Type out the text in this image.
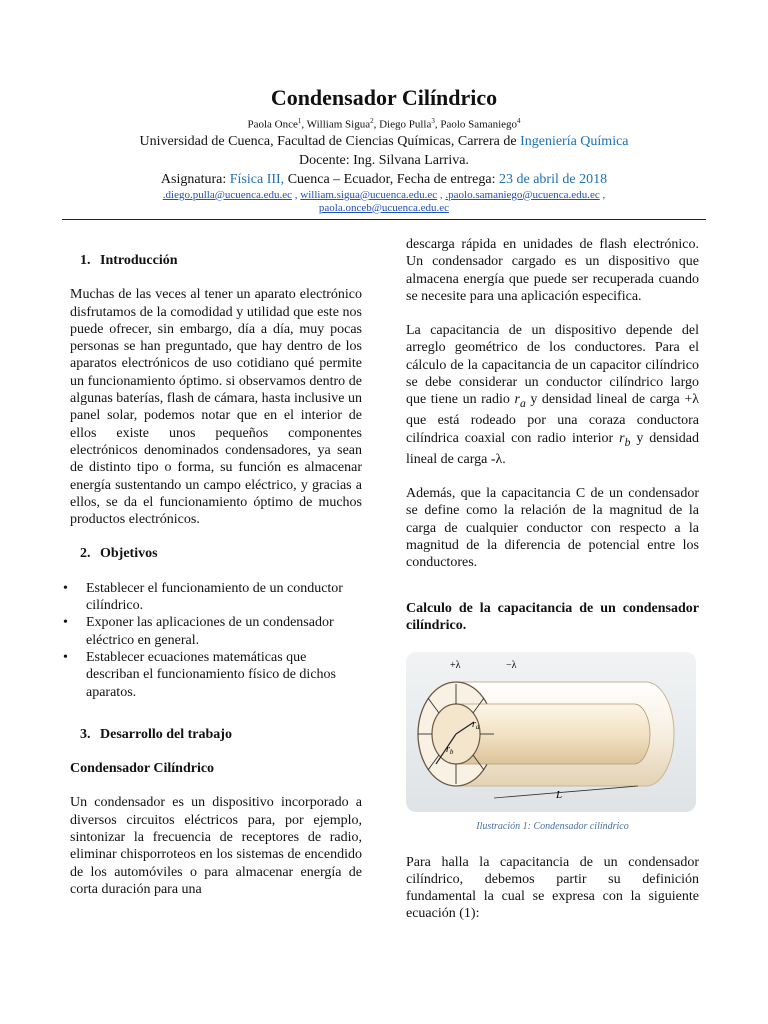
Condensador Cilíndrico
Paola Once$^1$, William Sigua$^2$, Diego Pulla$^3$, Paolo Samaniego$^4$
Universidad de Cuenca, Facultad de Ciencias Químicas, Carrera de Ingeniería Química
Docente: Ing. Silvana Larriva.
Asignatura: Física III, Cuenca – Ecuador, Fecha de entrega: 23 de abril de 2018
.diego.pulla@ucuenca.edu.ec , william.sigua@ucuenca.edu.ec , .paolo.samaniego@ucuenca.edu.ec ,
paola.onceb@ucuenca.edu.ec
1. Introducción

Muchas de las veces al tener un aparato electrónico disfrutamos de la comodidad y utilidad que este nos puede ofrecer, sin embargo, día a día, muy pocas personas se han preguntado, que hay dentro de los aparatos electrónicos de uso cotidiano qué permite un funcionamiento óptimo. si observamos dentro de algunas baterías, flash de cámara, hasta inclusive un panel solar, podemos notar que en el interior de ellos existe unos pequeños componentes electrónicos denominados condensadores, ya sean de distinto tipo o forma, su función es almacenar energía sustentando un campo eléctrico, y gracias a ellos, se da el funcionamiento óptimo de muchos productos electrónicos.

2. Objetivos
• Establecer el funcionamiento de un conductor cilíndrico.
• Exponer las aplicaciones de un condensador eléctrico en general.
• Establecer ecuaciones matemáticas que describan el funcionamiento físico de dichos aparatos.
3. Desarrollo del trabajo
Condensador Cilíndrico

Un condensador es un dispositivo incorporado a diversos circuitos eléctricos para, por ejemplo, sintonizar la frecuencia de receptores de radio, eliminar chisporroteos en los sistemas de encendido de los automóviles o para almacenar energía de corta duración para una

descarga rápida en unidades de flash electrónico. Un condensador cargado es un dispositivo que almacena energía que puede ser recuperada cuando se necesite para una aplicación especifica.

La capacitancia de un dispositivo depende del arreglo geométrico de los conductores. Para el cálculo de la capacitancia de un capacitor cilíndrico se debe considerar un conductor cilíndrico largo que tiene un radio $r_a$ y densidad lineal de carga +λ que está rodeado por una coraza conductora cilíndrica coaxial con radio interior $r_b$ y densidad lineal de carga -λ.

Además, que la capacitancia C de un condensador se define como la relación de la magnitud de la carga de cualquier conductor con respecto a la magnitud de la diferencia de potencial entre los conductores.

Calculo de la capacitancia de un condensador cilíndrico.
$r_a$
$r_b$
+λ	−λ
L
Ilustración 1: Condensador cilíndrico

Para halla la capacitancia de un condensador cilíndrico, debemos partir su definición fundamental la cual se expresa con la siguiente ecuación (1):
